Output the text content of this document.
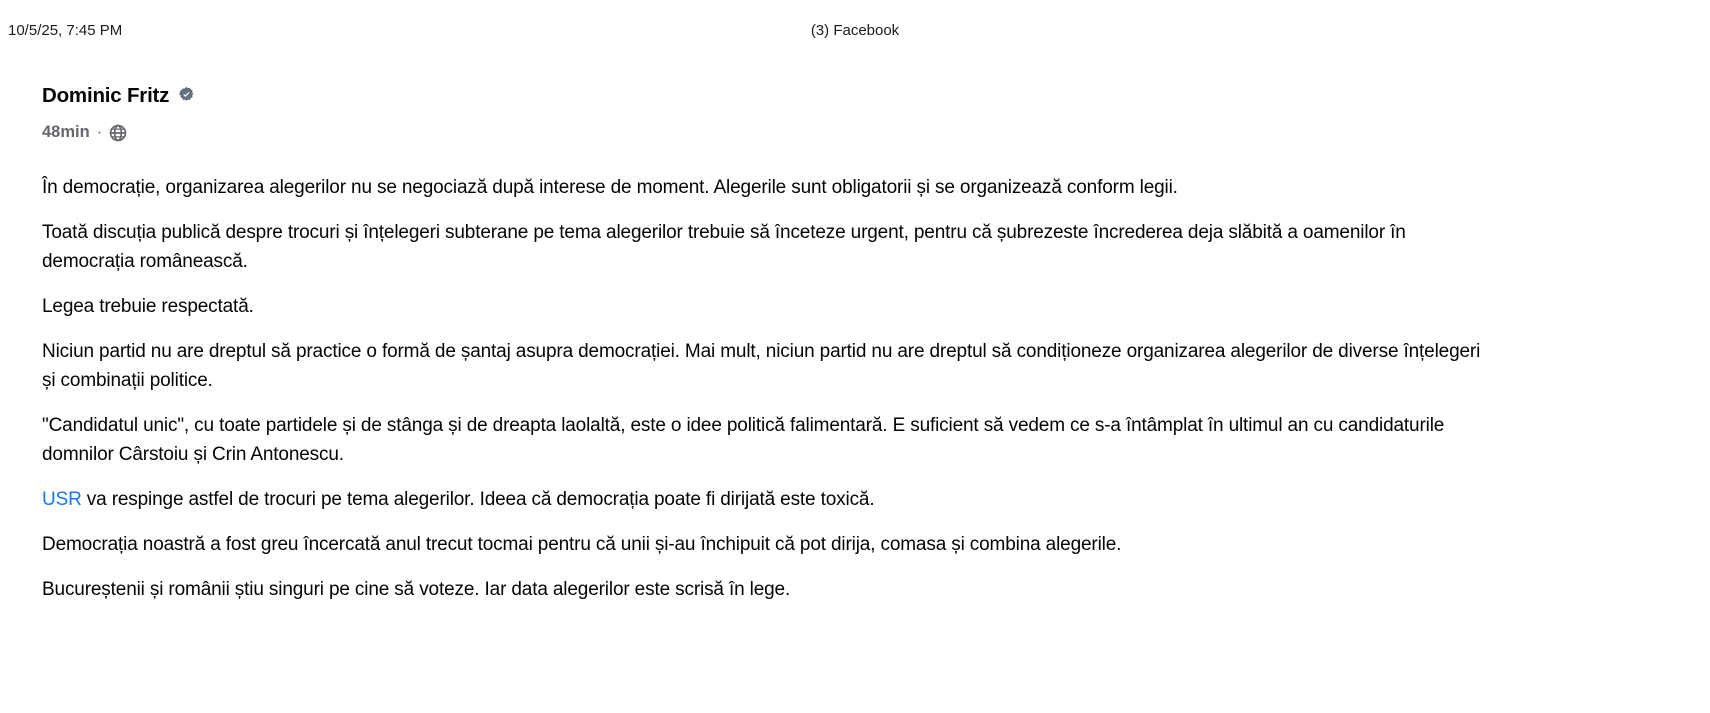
10/5/25, 7:45 PM	(3) Facebook
Dominic Fritz
48min ·

În democrație, organizarea alegerilor nu se negociază după interese de moment. Alegerile sunt obligatorii și se organizează conform legii.

Toată discuția publică despre trocuri și înțelegeri subterane pe tema alegerilor trebuie să înceteze urgent, pentru că șubrezeste încrederea deja slăbită a oamenilor în democrația românească.

Legea trebuie respectată.

Niciun partid nu are dreptul să practice o formă de șantaj asupra democrației. Mai mult, niciun partid nu are dreptul să condiționeze organizarea alegerilor de diverse înțelegeri și combinații politice.

"Candidatul unic", cu toate partidele și de stânga și de dreapta laolaltă, este o idee politică falimentară. E suficient să vedem ce s-a întâmplat în ultimul an cu candidaturile domnilor Cârstoiu și Crin Antonescu.

USR va respinge astfel de trocuri pe tema alegerilor. Ideea că democrația poate fi dirijată este toxică.

Democrația noastră a fost greu încercată anul trecut tocmai pentru că unii și-au închipuit că pot dirija, comasa și combina alegerile.

Bucureștenii și românii știu singuri pe cine să voteze. Iar data alegerilor este scrisă în lege.
